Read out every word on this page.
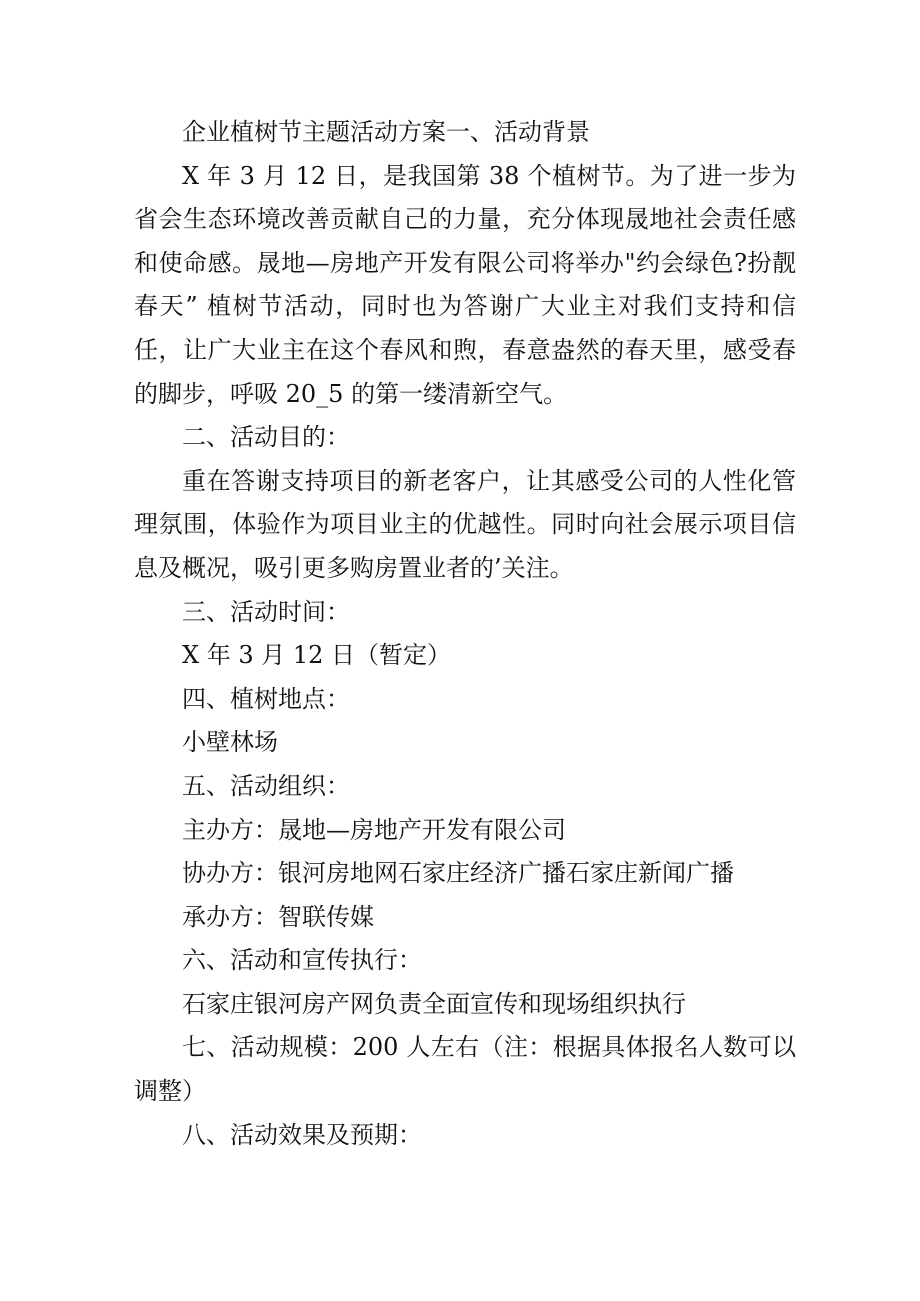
企业植树节主题活动方案一、活动背景

X 年 3 月 12 日，是我国第 38 个植树节。为了进一步为省会生态环境改善贡献自己的力量，充分体现晟地社会责任感和使命感。晟地—房地产开发有限公司将举办"约会绿色?扮靓春天” 植树节活动，同时也为答谢广大业主对我们支持和信任，让广大业主在这个春风和煦，春意盎然的春天里，感受春的脚步，呼吸 20_5 的第一缕清新空气。

二、活动目的：

重在答谢支持项目的新老客户，让其感受公司的人性化管理氛围，体验作为项目业主的优越性。同时向社会展示项目信息及概况，吸引更多购房置业者的’关注。

三、活动时间：

X 年 3 月 12 日（暂定）

四、植树地点：

小壁林场

五、活动组织：

主办方：晟地—房地产开发有限公司

协办方：银河房地网石家庄经济广播石家庄新闻广播

承办方：智联传媒

六、活动和宣传执行：

石家庄银河房产网负责全面宣传和现场组织执行

七、活动规模：200 人左右（注：根据具体报名人数可以调整）

八、活动效果及预期：
